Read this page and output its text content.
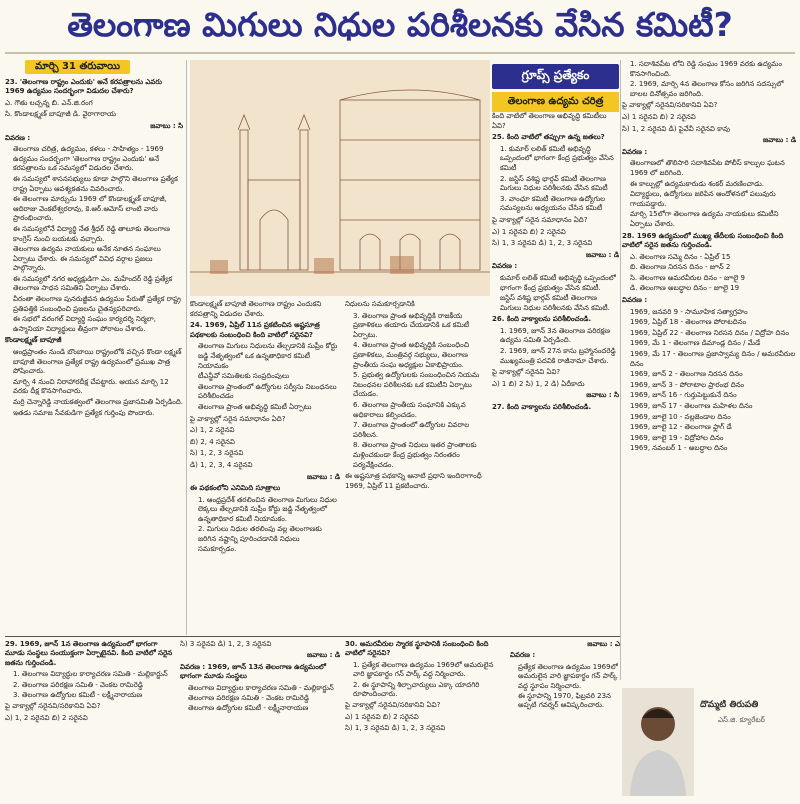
తెలంగాణ మిగులు నిధుల పరిశీలనకు వేసిన కమిటీ?
మార్చి 31 తరువాయి

23. 'తెలంగాణ రాష్ట్రం ఎందుకు' అనే కరపత్రాలను ఎవరు 1969 ఉద్యమం సందర్భంగా విడుదల చేశారు?

ఎ. గౌతు లచ్చన్న బి. ఎన్.జి.రంగ

సి. కొండాలక్ష్మణ్ బాపూజీ డి. వైరాగారాయ

జవాబు : సి

వివరణ :

• తెలంగాణ చరిత్ర, ఉద్యమం, కళలు - సాహిత్యం - 1969 ఉద్యమం సందర్భంగా 'తెలంగాణ రాష్ట్రం ఎందుకు' అనే కరపత్రాలను ఒక సమస్యలో విడుదల చేశారు.
• ఈ సమస్యలో శాసనసభ్యులు కూడా పాల్గొని తెలంగాణ ప్రత్యేక రాష్ట్ర ఏర్పాటు ఆవశ్యకతను వివరించారు.
• ఈ తెలంగాణ మార్చును 1969 లో కొండాలక్ష్మణ్ బాపూజీ, ఆదిరాజు వెంకటేశ్వరరావు, కె.ఆర్.ఆమోస్ లాంటి వారు ప్రారంభించారు.
• ఈ సమస్యలోనే విద్యార్థి నేత శ్రీధర్ రెడ్డి తాలూకు తెలంగాణ కాంగ్రెస్ నుంచి బయటకు వచ్చారు.
• తెలంగాణ ఉద్యమ నాయకులు అనేక నూతన సంఘాలు ఏర్పాటు చేశారు. ఈ సమస్యలో వివిధ వర్గాల ప్రజలు పాల్గొన్నారు.
• ఈ సమస్యలో నగర అధ్యక్షుడిగా ఎం. మహేందర్ రెడ్డి ప్రత్యేక తెలంగాణ సాధన సమితిని ఏర్పాటు చేశారు.
• వీరంతా తెలంగాణ పునరుజ్జీవన ఉద్యమం పేరుతో ప్రత్యేక రాష్ట్ర ప్రతిపత్తికి సంబంధించి ప్రజలను చైతన్యపరిచారు.
• ఈ సభలో వరంగల్ విద్యార్థి సంఘం కార్యదర్శి నిర్మలా, ఉస్మానియా విద్యార్థులు తీవ్రంగా పోరాటం చేశారు.

కొండాలక్ష్మణ్ బాపూజీ

• ఆంధ్రప్రాంతం నుండి బొంబాయి రాష్ట్రంలోకి వచ్చిన కొండా లక్ష్మణ్ బాపూజీ తెలంగాణ ప్రత్యేక రాష్ట్ర ఉద్యమంలో ప్రముఖ పాత్ర పోషించారు.
• మార్చి 4 నుంచి నిరాహారదీక్ష చేపట్టారు. ఆయన మార్చి 12 వరకు దీక్ష కొనసాగించారు.
• మర్రి చెన్నారెడ్డి నాయకత్వంలో తెలంగాణ ప్రజాసమితి ఏర్పడింది.
• ఇతడు సమాజ సేవకుడిగా ప్రత్యేక గుర్తింపు పొందారు.

కొండాలక్ష్మణ్ బాపూజీ తెలంగాణ రాష్ట్రం ఎందుకని కరపత్రాన్ని విడుదల చేశారు.

24. 1969, ఏప్రిల్ 11న ప్రకటించిన అష్టసూత్ర పథకాలకు సంబంధించి కింది వాటిలో సరైనవి?

• తెలంగాణ మిగులు నిధులను తేల్చడానికి సుప్రీం కోర్టు జడ్జి నేతృత్వంలో ఒక ఉన్నతాధికార కమిటీ నియామకం
• టీఎన్జీవో సమితిలకు సంప్రదింపులు
• తెలంగాణ ప్రాంతంలో ఉద్యోగుల సర్వీసు నిబంధనలు పరిశీలించడం
• తెలంగాణ ప్రాంత అభివృద్ధి కమిటీ ఏర్పాటు

పై వాక్యాల్లో సరైన సమాధానం ఏది?

ఎ) 1, 2 సరైనవి

బి) 2, 4 సరైనవి

సి) 1, 2, 3 సరైనవి

డి) 1, 2, 3, 4 సరైనవి

జవాబు : డి

ఈ పథకంలోని ఎనిమిది సూత్రాలు

• 1. ఆంధ్రప్రదేశ్ తరలించిన తెలంగాణ మిగులు నిధుల లెక్కలు తేల్చడానికి సుప్రీం కోర్టు జడ్జి నేతృత్వంలో ఉన్నతాధికార కమిటీ నియామకం.
• 2. మిగులు నిధుల తరలింపు వల్ల తెలంగాణకు జరిగిన నష్టాన్ని పూరించడానికి నిధులు సమకూర్చడం.

నిధులను సమకూర్చడానికి

• 3. తెలంగాణ ప్రాంత అభివృద్ధికి రాజకీయ ప్రణాళికలు తయారు చేయడానికి ఒక కమిటీ ఏర్పాటు.
• 4. తెలంగాణ ప్రాంత అభివృద్ధికి సంబంధించి ప్రణాళికలు, మంత్రివర్గ సభ్యులు, తెలంగాణ ప్రాంతీయ సంఘ అధ్యక్షుల ఏకాభిప్రాయం.
• 5. ప్రభుత్వ ఉద్యోగులకు సంబంధించిన నియమ నిబంధనల పరిశీలనకు ఒక కమిటీని ఏర్పాటు చేయడం.
• 6. తెలంగాణ ప్రాంతీయ సంఘానికి ఎక్కువ అధికారాలు కల్పించడం.
• 7. తెలంగాణ ప్రాంతంలో ఉద్యోగుల వివరాల పరిశీలన.
• 8. తెలంగాణ ప్రాంత నిధులు ఇతర ప్రాంతాలకు మళ్లించకుండా కేంద్ర ప్రభుత్వం నిరంతరం పర్యవేక్షించడం.

ఈ అష్టసూత్ర పథకాన్ని ఆనాటి ప్రధాని ఇందిరాగాంధీ 1969, ఏప్రిల్ 11 ప్రకటించారు.

గ్రూప్స్ ప్రత్యేకం
తెలంగాణ ఉద్యమ చరిత్ర

కింది వాటిలో తెలంగాణ అభివృద్ధి కమిటీలు ఏవి?

25. కింది వాటిలో తప్పుగా ఉన్న జతలు?

• 1. కుమార్ లలిత్ కమిటీ అభివృద్ధి ఒప్పందంలో భాగంగా కేంద్ర ప్రభుత్వం వేసిన కమిటీ
• 2. జస్టిస్ వశిష్ట భార్గవ్ కమిటీ తెలంగాణ మిగులు నిధుల పరిశీలనకు వేసిన కమిటీ
• 3. వాంఛూ కమిటీ తెలంగాణ ఉద్యోగుల సమస్యలను అధ్యయనం చేసిన కమిటీ

పై వాక్యాల్లో సరైన సమాధానం ఏది?

ఎ) 1 సరైనవి బి) 2 సరైనవి

సి) 1, 3 సరైనవి డి) 1, 2, 3 సరైనవి

జవాబు : డి

వివరణ :

• కుమార్ లలిత్ కమిటీ అభివృద్ధి ఒప్పందంలో భాగంగా కేంద్ర ప్రభుత్వం వేసిన కమిటీ.
• జస్టిస్ వశిష్ట భార్గవ్ కమిటీ తెలంగాణ మిగులు నిధుల పరిశీలనకు వేసిన కమిటీ.

26. కింది వాక్యాలను పరిశీలించండి.

• 1. 1969, జూన్ 3న తెలంగాణ పరిరక్షణ ఉద్యమ సమితి ఏర్పడింది.
• 2. 1969, జూన్ 27న కాసు బ్రహ్మానందరెడ్డి ముఖ్యమంత్రి పదవికి రాజీనామా చేశారు.

పై వాక్యాల్లో సరైనవి ఏవి?

ఎ) 1 బి) 2 సి) 1, 2 డి) ఏదీకాదు

జవాబు : సి

27. కింది వాక్యాలను పరిశీలించండి.

• 1. సదాశివపేట లోని రెడ్డి సంఘం 1969 వరకు ఉద్యమం కొనసాగించింది.
• 2. 1969, మార్చి 4న తెలంగాణ కోసం జరిగిన సదస్సులో బాలల దినోత్సవం జరిగింది.

పై వాక్యాల్లో సరైనవి/సరికానివి ఏవి?

ఎ) 1 సరైనవి బి) 2 సరైనవి

సి) 1, 2 సరైనవి డి) పైవేవీ సరైనవి కావు

జవాబు : డి

వివరణ :

• తెలంగాణలో తొలిసారి సదాశివపేట పోలీస్ కాల్పుల ఘటన 1969 లో జరిగింది.
• ఈ కాల్పుల్లో ఉద్యమకారుడు శంకర్ మరణించాడు.
• విద్యార్థులు, ఉద్యోగులు జరిపిన ఆందోళనలో పలువురు గాయపడ్డారు.
• మార్చి 15లోగా తెలంగాణ ఉద్యమ నాయకులు కమిటీని ఏర్పాటు చేశారు.

28. 1969 ఉద్యమంలో ముఖ్య తేదీలకు సంబంధించి కింది వాటిలో సరైన జతను గుర్తించండి.

• ఎ. తెలంగాణ సమ్మె దినం - ఏప్రిల్ 15
• బి. తెలంగాణ నిరసన దినం - జూన్ 2
• సి. తెలంగాణ అమరవీరుల దినం - జూలై 9
• డి. తెలంగాణ అబద్ధాల దినం - జూలై 19

వివరణ :

• 1969, జనవరి 9 - సామూహిక సత్యాగ్రహం
• 1969, ఏప్రిల్ 18 - తెలంగాణ పోరాటదినం
• 1969, ఏప్రిల్ 22 - తెలంగాణ నిరసన దినం / విద్రోహ దినం
• 1969, మే 1 - తెలంగాణ డిమాండ్ల దినం / మేడే
• 1969, మే 17 - తెలంగాణ ప్రజాస్వామ్య దినం / అమరవీరుల దినం
• 1969, జూన్ 2 - తెలంగాణ నిరసన దినం
• 1969, జూన్ 3 - పోరాటాల ప్రారంభ దినం
• 1969, జూన్ 16 - గుర్తుపెట్టుకునే దినం
• 1969, జూన్ 17 - తెలంగాణ మహిళల దినం
• 1969, జూలై 10 - నల్లజెండాల దినం
• 1969, జూలై 12 - తెలంగాణ ఫ్లాగ్ డే
• 1969, జూలై 19 - విద్రోహాల దినం
• 1969, నవంబర్ 1 - అబద్ధాల దినం

29. 1969, జూన్ 1న తెలంగాణ ఉద్యమంలో భాగంగా మూడు సంస్థలు సంయుక్తంగా ఏర్పాటైనవి. కింది వాటిలో సరైన జతను గుర్తించండి.

• 1. తెలంగాణ విద్యార్థుల కార్యాచరణ సమితి - మల్లికార్జున్
• 2. తెలంగాణ పరిరక్షణ సమితి - వెంకట రామిరెడ్డి
• 3. తెలంగాణ ఉద్యోగుల కమిటీ - లక్ష్మీనారాయణ

పై వాక్యాల్లో సరైనవి/సరికానివి ఏవి?

ఎ) 1, 2 సరైనవి బి) 2 సరైనవి

సి) 3 సరైనవి డి) 1, 2, 3 సరైనవి

జవాబు : డి

వివరణ : 1969, జూన్ 13న తెలంగాణ ఉద్యమంలో భాగంగా మూడు సంస్థలు

• తెలంగాణ విద్యార్థుల కార్యాచరణ సమితి - మల్లికార్జున్
• తెలంగాణ పరిరక్షణ సమితి - వెంకట రామిరెడ్డి
• తెలంగాణ ఉద్యోగుల కమిటీ - లక్ష్మీనారాయణ

30. అమరవీరుల స్మారక స్థూపానికి సంబంధించి కింది వాటిలో సరైనవి?

• 1. ప్రత్యేక తెలంగాణ ఉద్యమం 1969లో అమరులైన వారి జ్ఞాపకార్థం గన్ పార్క్ వద్ద నిర్మించారు.
• 2. ఈ స్థూపాన్ని శిల్పాచార్యులు ఎక్కా యాదగిరి రూపొందించారు.

పై వాక్యాల్లో సరైనవి/సరికానివి ఏవి?

ఎ) 1 సరైనవి బి) 2 సరైనవి

సి) 1, 3 సరైనవి డి) 1, 2, 3 సరైనవి

జవాబు : ఎ

వివరణ :

• ప్రత్యేక తెలంగాణ ఉద్యమం 1969లో అమరులైన వారి జ్ఞాపకార్థం గన్ పార్క్ వద్ద స్థూపం నిర్మించారు.
• ఈ స్థూపాన్ని 1970, ఫిబ్రవరి 23న అప్పటి గవర్నర్ ఆవిష్కరించారు.	దొమ్మటి తిరుపతి
ఎస్.జి. క్యూరేటర్
